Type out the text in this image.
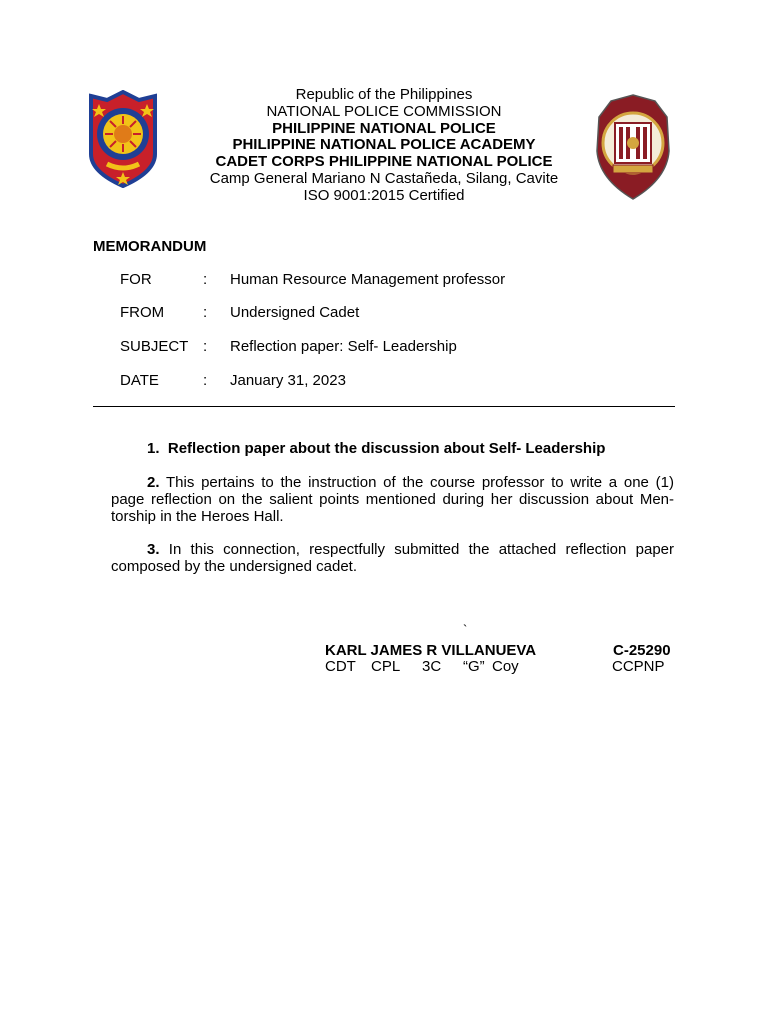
Republic of the Philippines
NATIONAL POLICE COMMISSION
PHILIPPINE NATIONAL POLICE
PHILIPPINE NATIONAL POLICE ACADEMY
CADET CORPS PHILIPPINE NATIONAL POLICE
Camp General Mariano N Castañeda, Silang, Cavite
ISO 9001:2015 Certified
MEMORANDUM
FOR	: Human Resource Management professor
FROM	: Undersigned Cadet
SUBJECT : Reflection paper: Self- Leadership
DATE	: January 31, 2023
1. Reflection paper about the discussion about Self- Leadership
2. This pertains to the instruction of the course professor to write a one (1)
page reflection on the salient points mentioned during her discussion about Men-
torship in the Heroes Hall.
3. In this connection, respectfully submitted the attached reflection paper
composed by the undersigned cadet.
`
KARL JAMES R VILLANUEVA	C-25290
CDT CPL 3C “G” Coy	CCPNP
